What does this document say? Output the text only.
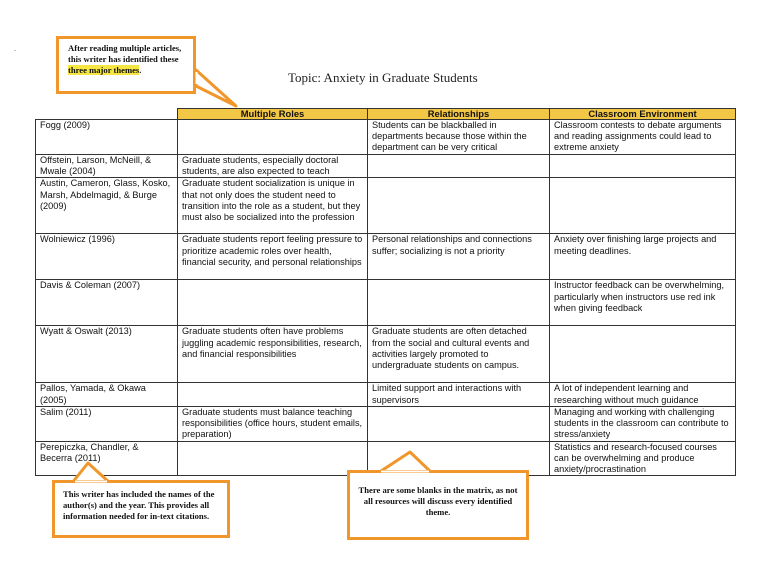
.
Topic: Anxiety in Graduate Students
	Multiple Roles	Relationships	Classroom Environment
Fogg (2009)		Students can be blackballed in departments because those within the department can be very critical	Classroom contests to debate arguments and reading assignments could lead to extreme anxiety
Offstein, Larson, McNeill, & Mwale (2004)	Graduate students, especially doctoral students, are also expected to teach		
Austin, Cameron, Glass, Kosko, Marsh, Abdelmagid, & Burge (2009)	Graduate student socialization is unique in that not only does the student need to transition into the role as a student, but they must also be socialized into the profession		
Wolniewicz (1996)	Graduate students report feeling pressure to prioritize academic roles over health, financial security, and personal relationships	Personal relationships and connections suffer; socializing is not a priority	Anxiety over finishing large projects and meeting deadlines.
Davis & Coleman (2007)			Instructor feedback can be overwhelming, particularly when instructors use red ink when giving feedback
Wyatt & Oswalt (2013)	Graduate students often have problems juggling academic responsibilities, research, and financial responsibilities	Graduate students are often detached from the social and cultural events and activities largely promoted to undergraduate students on campus.	
Pallos, Yamada, & Okawa (2005)		Limited support and interactions with supervisors	A lot of independent learning and researching without much guidance
Salim (2011)	Graduate students must balance teaching responsibilities (office hours, student emails, preparation)		Managing and working with challenging students in the classroom can contribute to stress/anxiety
Perepiczka, Chandler, & Becerra (2011)			Statistics and research-focused courses can be overwhelming and produce anxiety/procrastination
After reading multiple articles, this writer has identified these three major themes.
This writer has included the names of the author(s) and the year. This provides all information needed for in-text citations.
There are some blanks in the matrix, as not all resources will discuss every identified theme.
